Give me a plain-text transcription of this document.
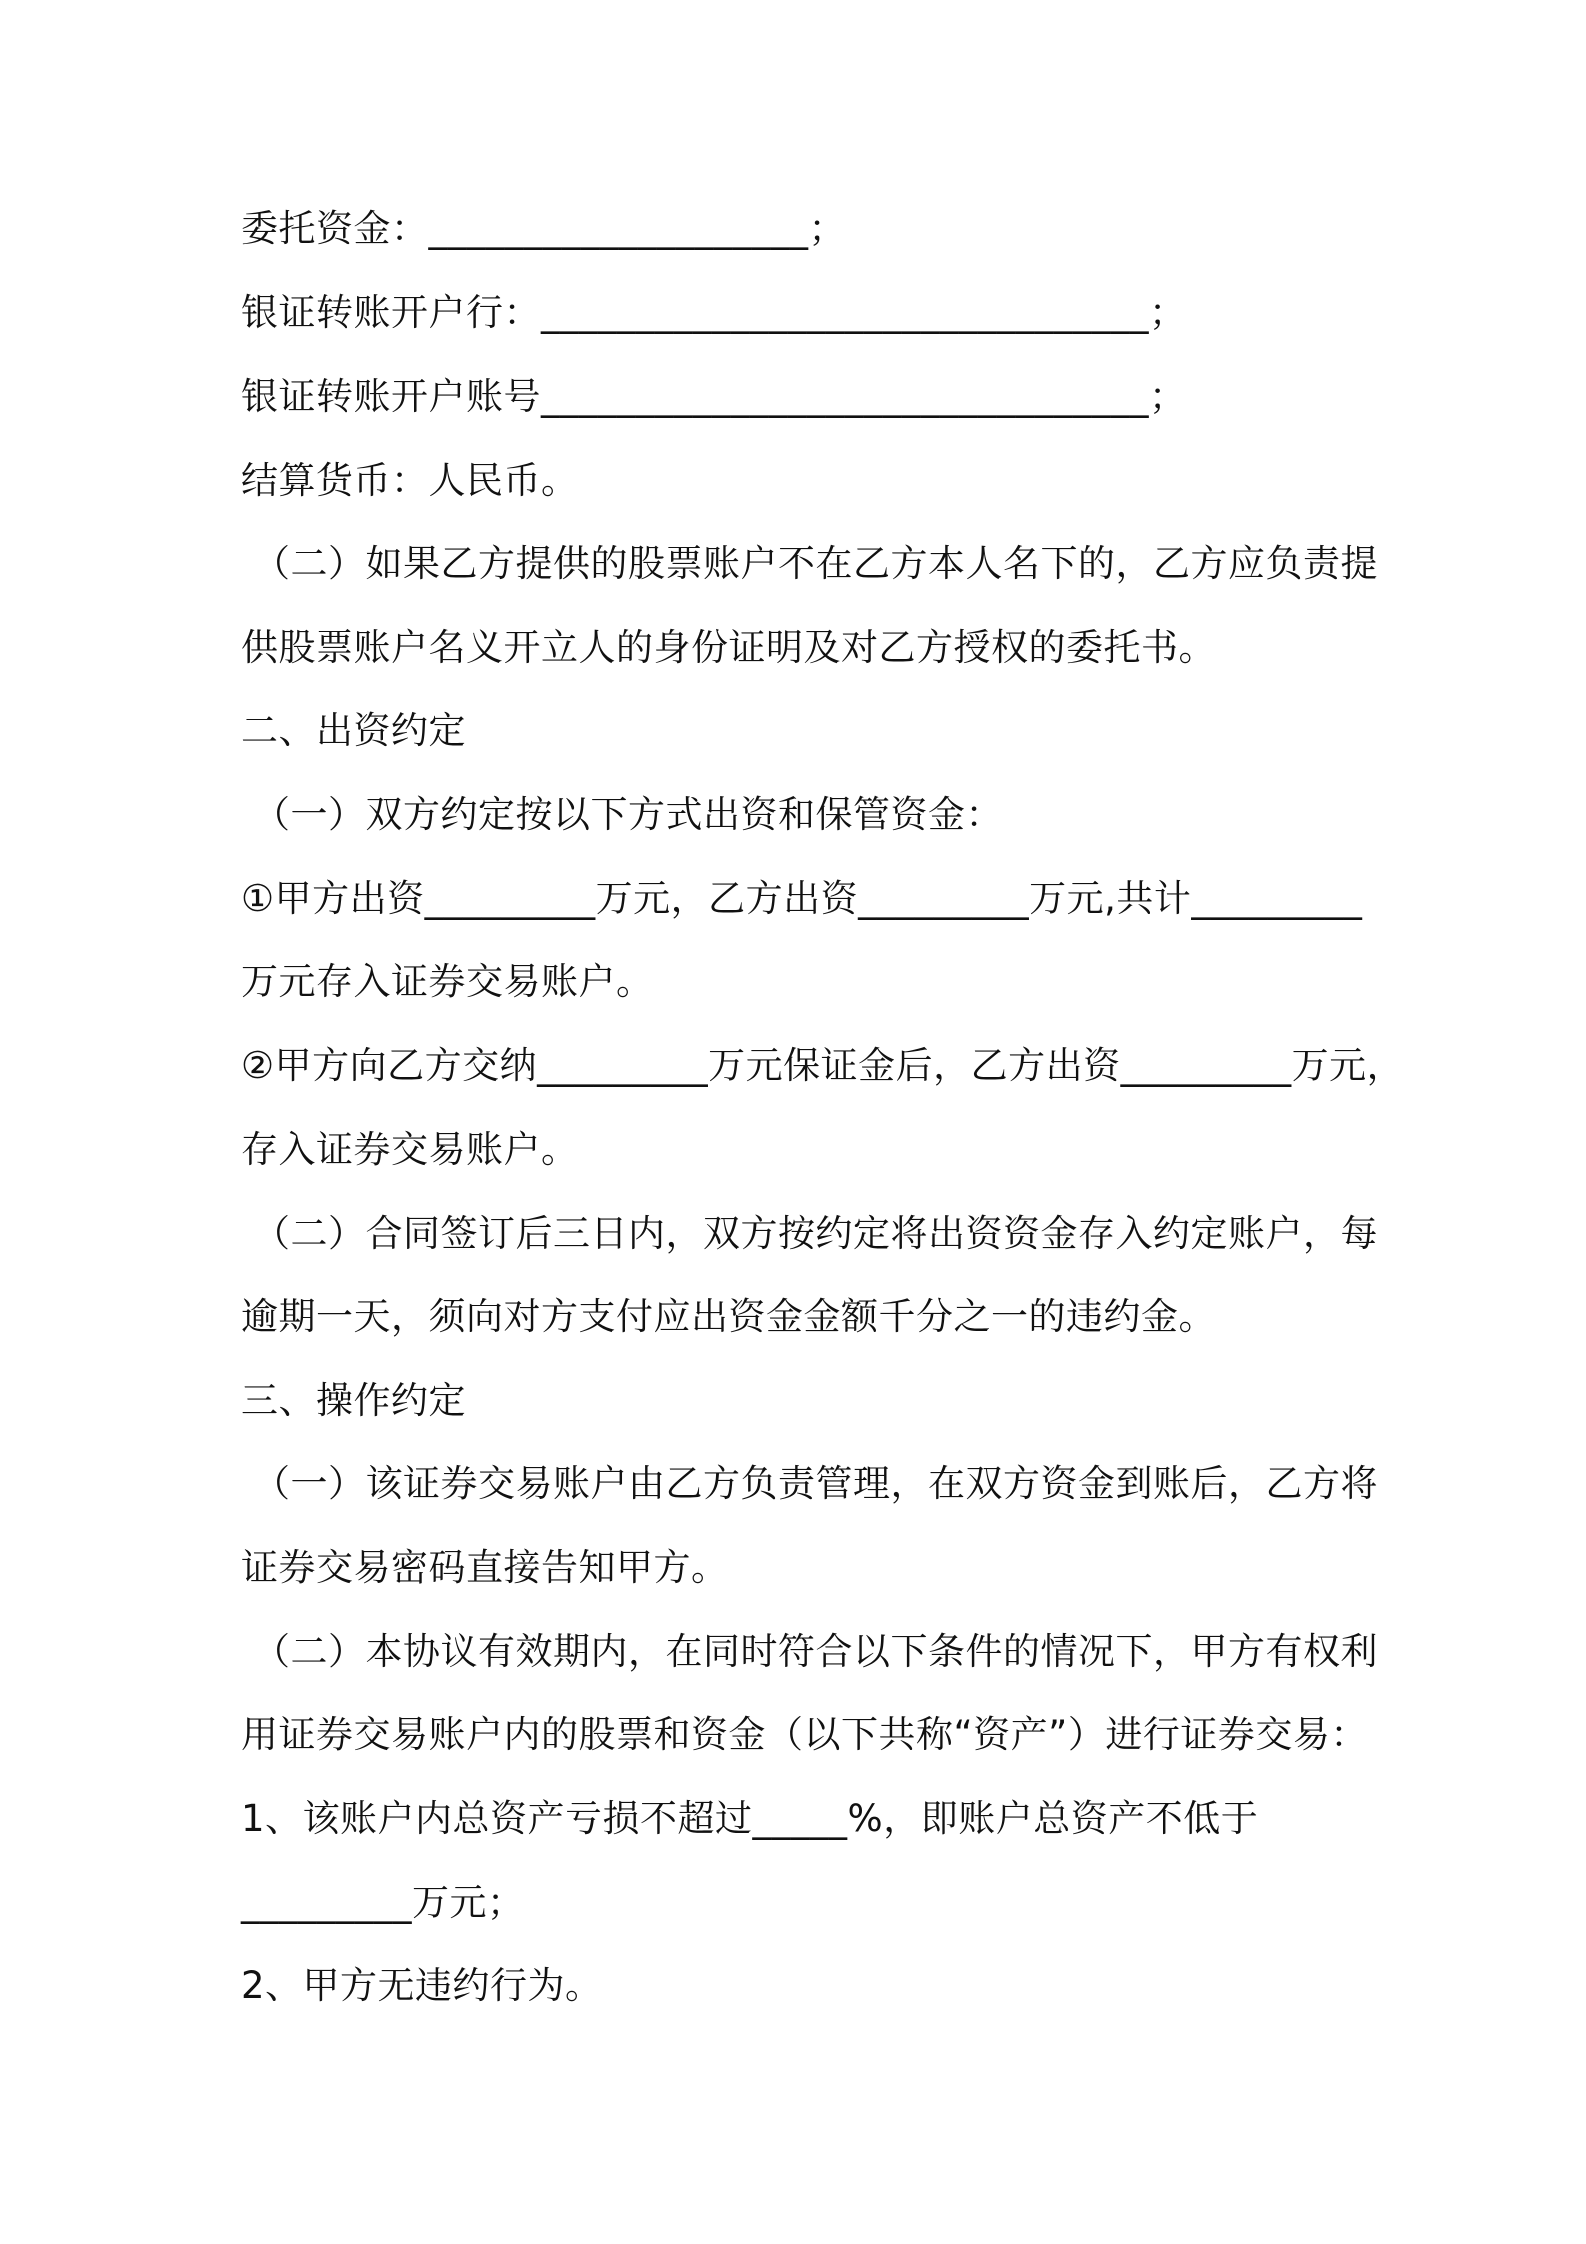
委托资金：____________________；
银证转账开户行：________________________________；
银证转账开户账号________________________________；
结算货币：人民币。
（二）如果乙方提供的股票账户不在乙方本人名下的，乙方应负责提
供股票账户名义开立人的身份证明及对乙方授权的委托书。
二、出资约定
（一）双方约定按以下方式出资和保管资金：
①甲方出资_________万元，乙方出资_________万元,共计_________
万元存入证券交易账户。
②甲方向乙方交纳_________万元保证金后，乙方出资_________万元，
存入证券交易账户。
（二）合同签订后三日内，双方按约定将出资资金存入约定账户，每
逾期一天，须向对方支付应出资金金额千分之一的违约金。
三、操作约定
（一）该证券交易账户由乙方负责管理，在双方资金到账后，乙方将
证券交易密码直接告知甲方。
（二）本协议有效期内，在同时符合以下条件的情况下，甲方有权利
用证券交易账户内的股票和资金（以下共称“资产”）进行证券交易：
1、该账户内总资产亏损不超过_____%，即账户总资产不低于
_________万元；
2、甲方无违约行为。
